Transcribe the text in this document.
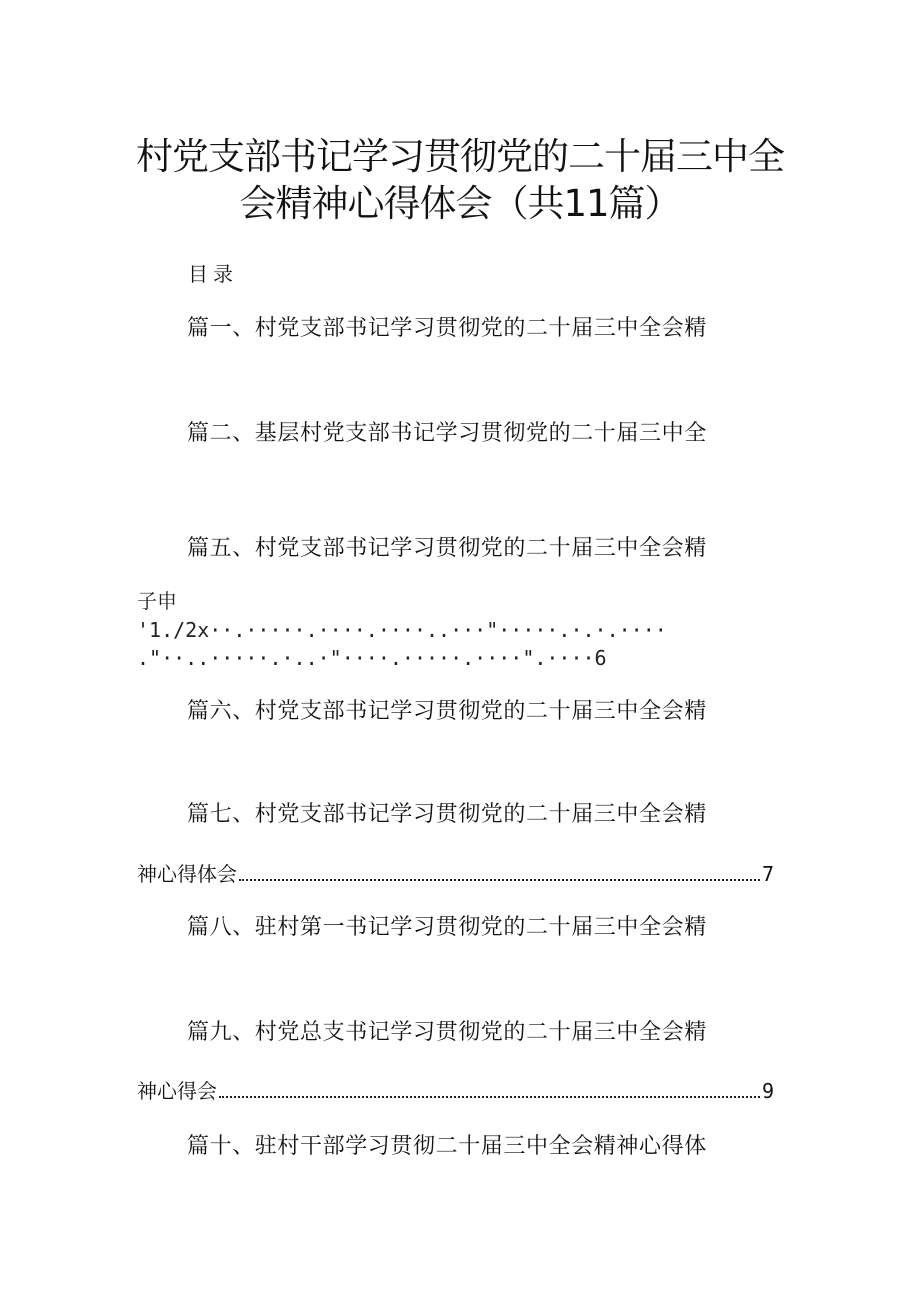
村党支部书记学习贯彻党的二十届三中全
会精神心得体会（共11篇）
目录
篇一、村党支部书记学习贯彻党的二十届三中全会精
篇二、基层村党支部书记学习贯彻党的二十届三中全
篇五、村党支部书记学习贯彻党的二十届三中全会精
子申
'1./2x··.·····.····.····..···"·····.·.·.····
."··..·····.·..·"····.·····.····".····6
篇六、村党支部书记学习贯彻党的二十届三中全会精
篇七、村党支部书记学习贯彻党的二十届三中全会精
神心得体会	7
篇八、驻村第一书记学习贯彻党的二十届三中全会精
篇九、村党总支书记学习贯彻党的二十届三中全会精
神心得会	9
篇十、驻村干部学习贯彻二十届三中全会精神心得体
